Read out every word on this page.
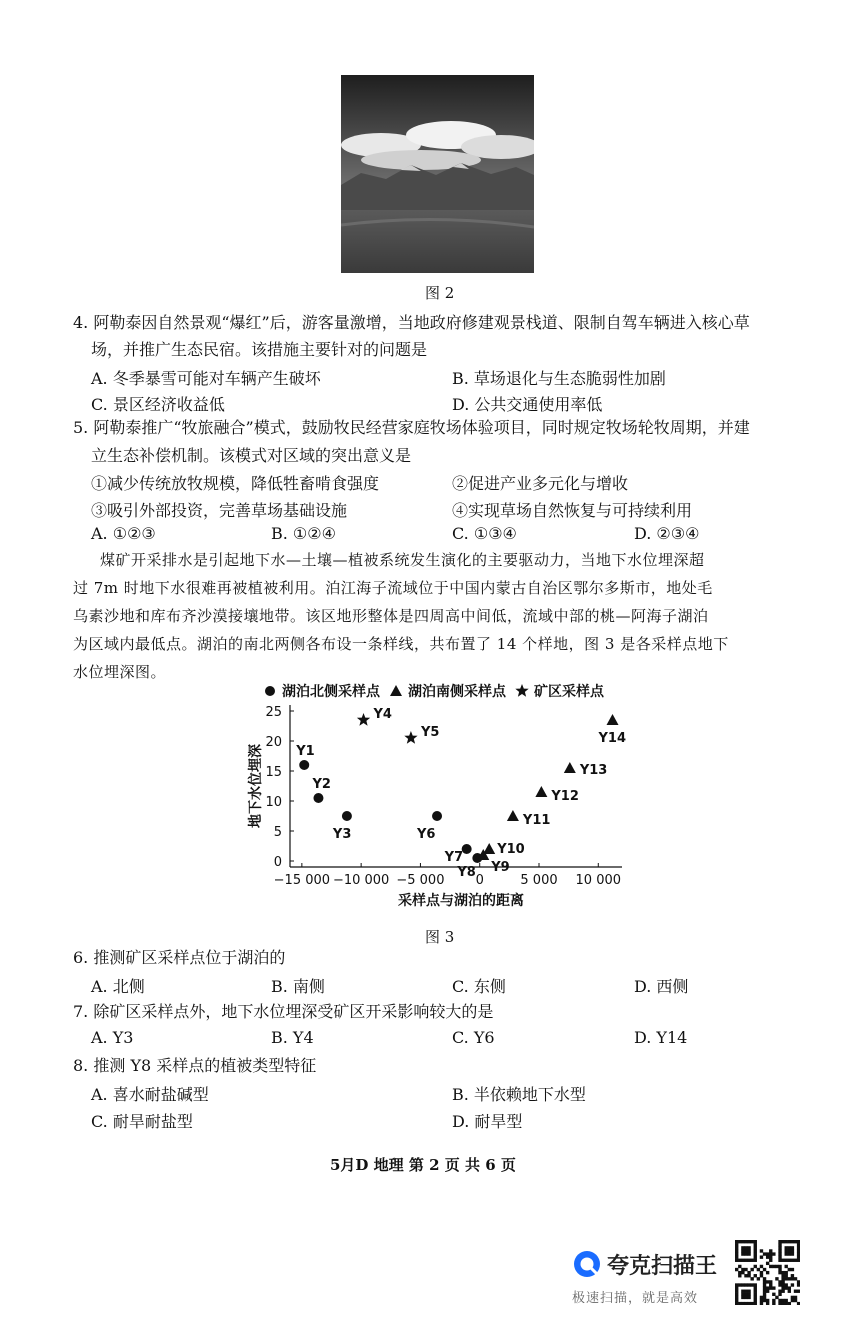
图 2
4. 阿勒泰因自然景观“爆红”后，游客量激增，当地政府修建观景栈道、限制自驾车辆进入核心草
场，并推广生态民宿。该措施主要针对的问题是
A. 冬季暴雪可能对车辆产生破坏	B. 草场退化与生态脆弱性加剧
C. 景区经济收益低	D. 公共交通使用率低
5. 阿勒泰推广“牧旅融合”模式，鼓励牧民经营家庭牧场体验项目，同时规定牧场轮牧周期，并建
立生态补偿机制。该模式对区域的突出意义是
①减少传统放牧规模，降低牲畜啃食强度	②促进产业多元化与增收
③吸引外部投资，完善草场基础设施	④实现草场自然恢复与可持续利用
A. ①②③	B. ①②④	C. ①③④	D. ②③④
煤矿开采排水是引起地下水—土壤—植被系统发生演化的主要驱动力，当地下水位埋深超
过 7m 时地下水很难再被植被利用。泊江海子流域位于中国内蒙古自治区鄂尔多斯市，地处毛
乌素沙地和库布齐沙漠接壤地带。该区地形整体是四周高中间低，流域中部的桃—阿海子湖泊
为区域内最低点。湖泊的南北两侧各布设一条样线，共布置了 14 个样地，图 3 是各采样点地下
水位埋深图。
0
5
10
15
20
25
−15 000 −10 000 −5 000 0	5 000 10 000
地下水位埋深
采样点与湖泊的距离
湖泊北侧采样点 湖泊南侧采样点 矿区采样点
Y1
Y2
Y3	Y6
Y7
Y8 Y9
Y10
Y11
Y12
Y13
Y14
Y4
Y5
图 3
6. 推测矿区采样点位于湖泊的
A. 北侧	B. 南侧	C. 东侧	D. 西侧
7. 除矿区采样点外，地下水位埋深受矿区开采影响较大的是
A. Y3	B. Y4	C. Y6	D. Y14
8. 推测 Y8 采样点的植被类型特征
A. 喜水耐盐碱型	B. 半依赖地下水型
C. 耐旱耐盐型	D. 耐旱型
5月D 地理 第 2 页 共 6 页
夸克扫描王
极速扫描，就是高效
